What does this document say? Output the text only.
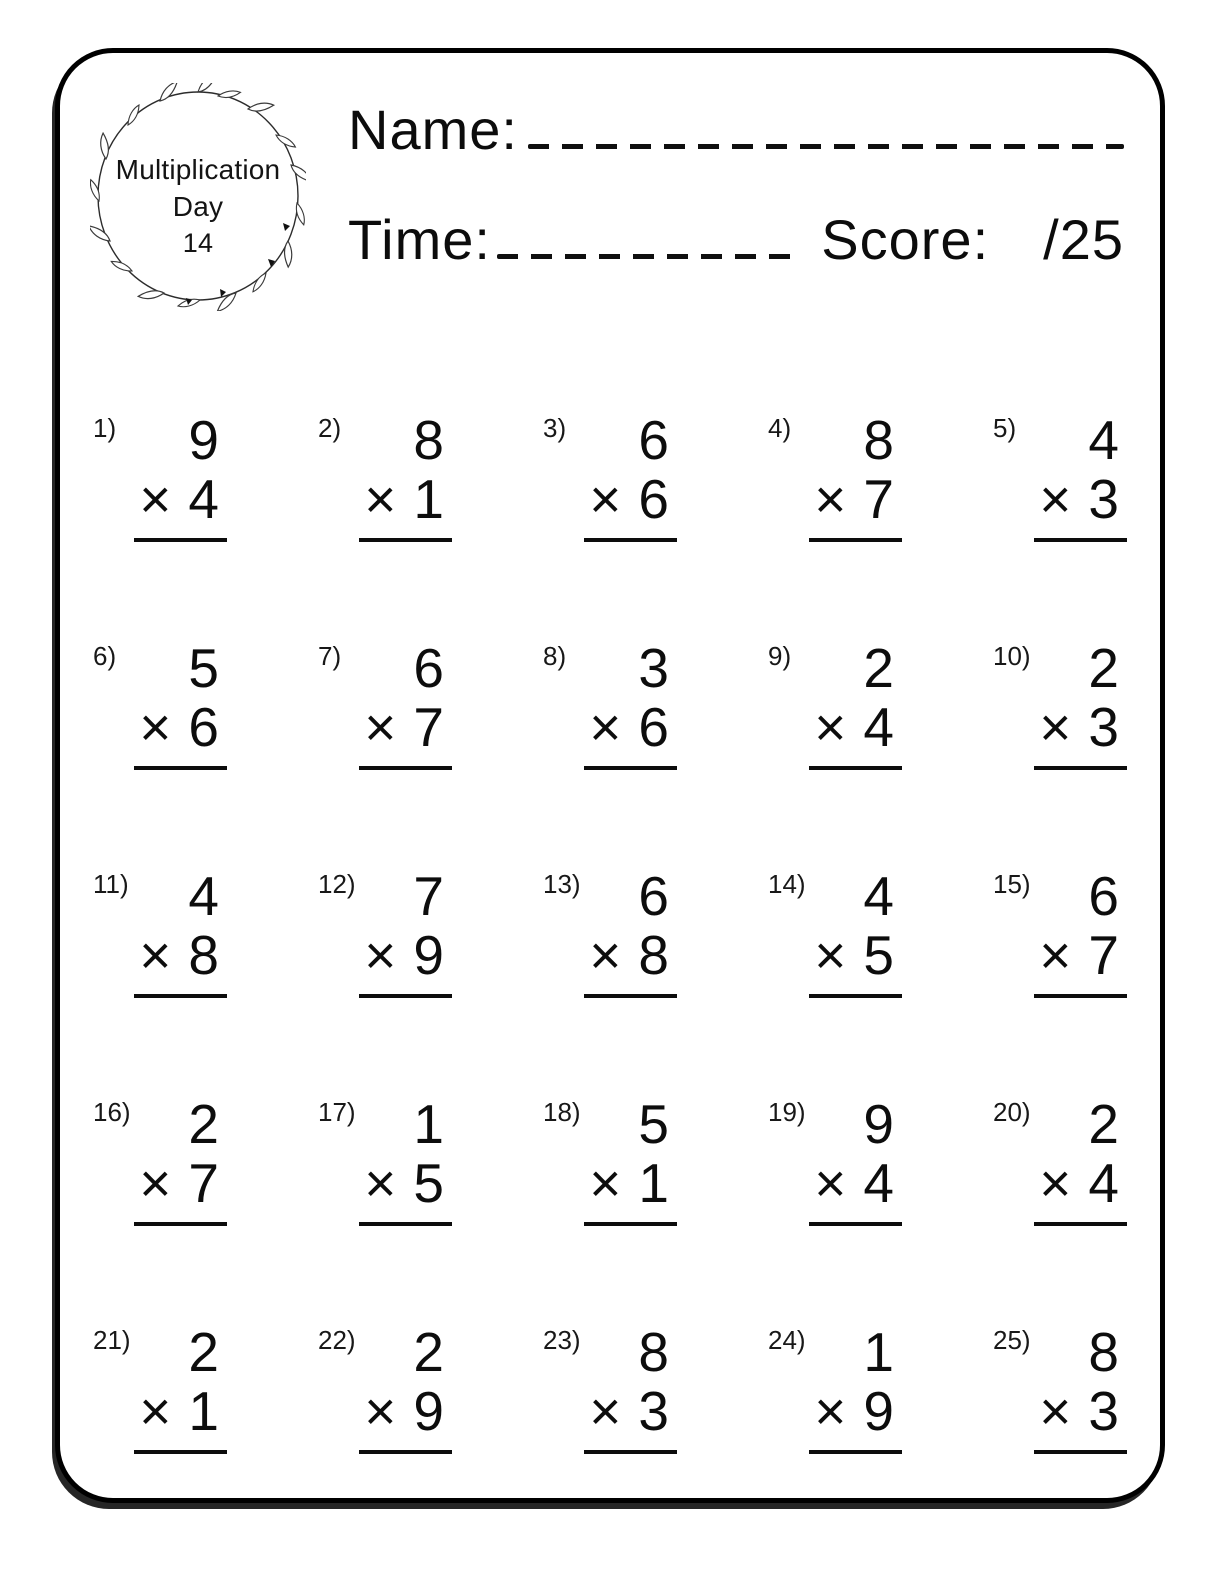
Multiplication
Day
14
Name:
Time:	Score: /25
1) 9
× 4
2) 8
× 1
3) 6
× 6
4) 8
× 7
5) 4
× 3
6) 5
× 6
7) 6
× 7
8) 3
× 6
9) 2
× 4
10) 2
× 3
11) 4
× 8
12) 7
× 9
13) 6
× 8
14) 4
× 5
15) 6
× 7
16) 2
× 7
17) 1
× 5
18) 5
× 1
19) 9
× 4
20) 2
× 4
21) 2
× 1
22) 2
× 9
23) 8
× 3
24) 1
× 9
25) 8
× 3
